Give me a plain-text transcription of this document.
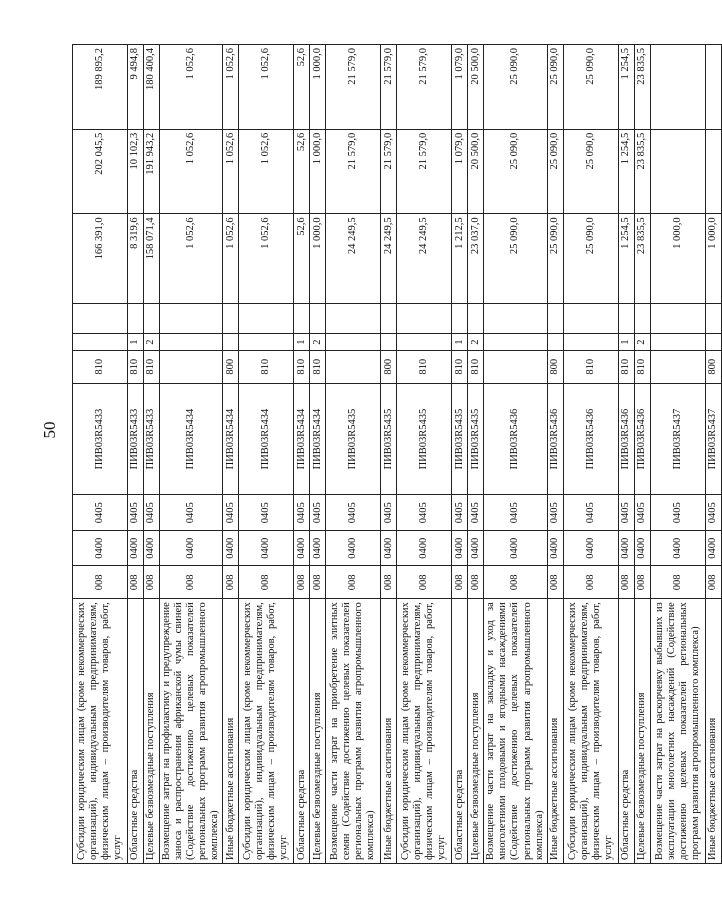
50
Субсидии юридическим лицам (кроме некоммерческих организаций), индивидуальным предпринимателям, физическим лицам – производителям товаров, работ, услуг	008	0400	0405	ПИВ03R5433	810			166 391,0	202 045,5	189 895,2
Областные средства	008	0400	0405	ПИВ03R5433	810	1		8 319,6	10 102,3	9 494,8
Целевые безвозмездные поступления	008	0400	0405	ПИВ03R5433	810	2		158 071,4	191 943,2	180 400,4
Возмещение затрат на профилактику и предупреждение заноса и распространения африканской чумы свиней (Содействие достижению целевых показателей региональных программ развития агропромышленного комплекса)	008	0400	0405	ПИВ03R5434				1 052,6	1 052,6	1 052,6
Иные бюджетные ассигнования	008	0400	0405	ПИВ03R5434	800			1 052,6	1 052,6	1 052,6
Субсидии юридическим лицам (кроме некоммерческих организаций), индивидуальным предпринимателям, физическим лицам – производителям товаров, работ, услуг	008	0400	0405	ПИВ03R5434	810			1 052,6	1 052,6	1 052,6
Областные средства	008	0400	0405	ПИВ03R5434	810	1		52,6	52,6	52,6
Целевые безвозмездные поступления	008	0400	0405	ПИВ03R5434	810	2		1 000,0	1 000,0	1 000,0
Возмещение части затрат на приобретение элитных семян (Содействие достижению целевых показателей региональных программ развития агропромышленного комплекса)	008	0400	0405	ПИВ03R5435				24 249,5	21 579,0	21 579,0
Иные бюджетные ассигнования	008	0400	0405	ПИВ03R5435	800			24 249,5	21 579,0	21 579,0
Субсидии юридическим лицам (кроме некоммерческих организаций), индивидуальным предпринимателям, физическим лицам – производителям товаров, работ, услуг	008	0400	0405	ПИВ03R5435	810			24 249,5	21 579,0	21 579,0
Областные средства	008	0400	0405	ПИВ03R5435	810	1		1 212,5	1 079,0	1 079,0
Целевые безвозмездные поступления	008	0400	0405	ПИВ03R5435	810	2		23 037,0	20 500,0	20 500,0
Возмещение части затрат на закладку и уход за многолетними плодовыми и ягодными насаждениями (Содействие достижению целевых показателей региональных программ развития агропромышленного комплекса)	008	0400	0405	ПИВ03R5436				25 090,0	25 090,0	25 090,0
Иные бюджетные ассигнования	008	0400	0405	ПИВ03R5436	800			25 090,0	25 090,0	25 090,0
Субсидии юридическим лицам (кроме некоммерческих организаций), индивидуальным предпринимателям, физическим лицам – производителям товаров, работ, услуг	008	0400	0405	ПИВ03R5436	810			25 090,0	25 090,0	25 090,0
Областные средства	008	0400	0405	ПИВ03R5436	810	1		1 254,5	1 254,5	1 254,5
Целевые безвозмездные поступления	008	0400	0405	ПИВ03R5436	810	2		23 835,5	23 835,5	23 835,5
Возмещение части затрат на раскорчевку выбывших из эксплуатации многолетних насаждений (Содействие достижению целевых показателей региональных программ развития агропромышленного комплекса)	008	0400	0405	ПИВ03R5437				1 000,0		
Иные бюджетные ассигнования	008	0400	0405	ПИВ03R5437	800			1 000,0		
